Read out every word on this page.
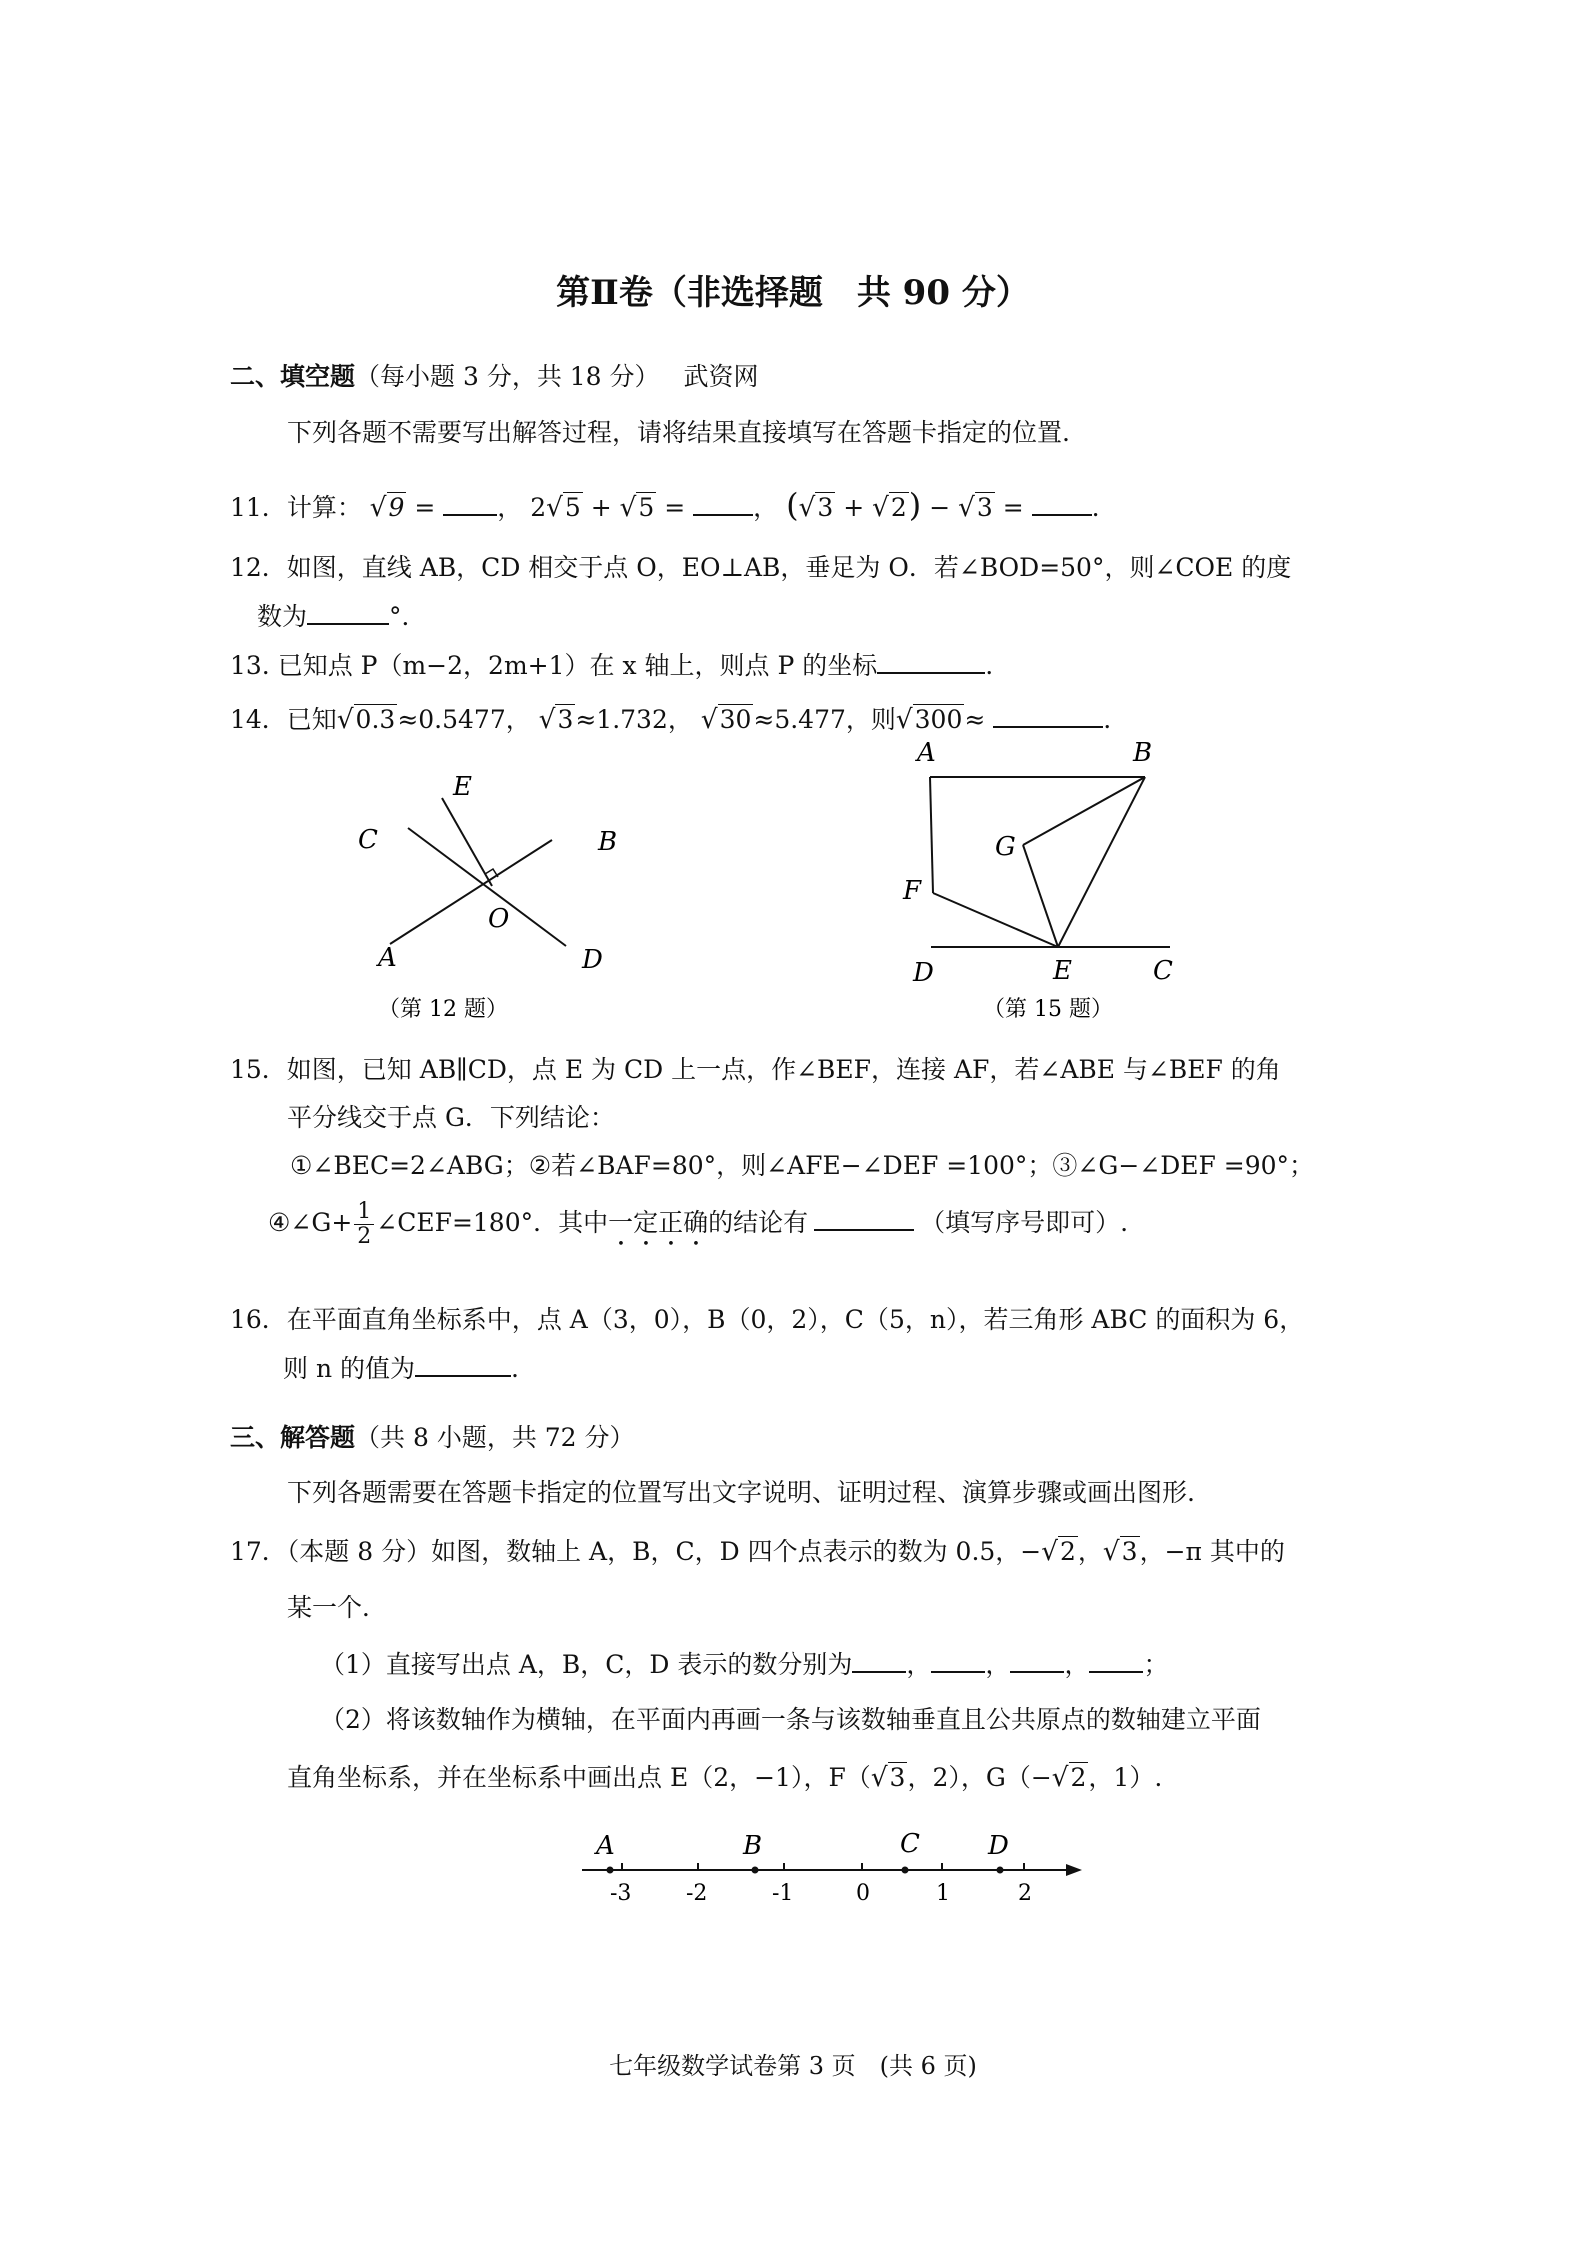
第Ⅱ卷（非选择题　共 90 分）
二、填空题（每小题 3 分，共 18 分） 武资网
下列各题不需要写出解答过程，请将结果直接填写在答题卡指定的位置.
11．计算： √9 = ， 2√5 + √5 =	， (√3 + √2) − √3 =	.
12．如图，直线 AB，CD 相交于点 O，EO⊥AB，垂足为 O．若∠BOD=50°，则∠COE 的度
数为	°．
13. 已知点 P（m−2，2m+1）在 x 轴上，则点 P 的坐标	.
14．已知√0.3≈0.5477， √3≈1.732， √30≈5.477，则√300≈	.
E
C	B
O
A	D
（第 12 题）
A	B
G
F
D	E	C
（第 15 题）
15．如图，已知 AB∥CD，点 E 为 CD 上一点，作∠BEF，连接 AF，若∠ABE 与∠BEF 的角
平分线交于点 G．下列结论：
①∠BEC=2∠ABG；②若∠BAF=80°，则∠AFE−∠DEF =100°；③∠G−∠DEF =90°；
④∠G+ $\frac{1}{2}$ ∠CEF=180°．其中一定正确的结论有	（填写序号即可）.
16．在平面直角坐标系中，点 A（3，0），B（0，2），C（5，n），若三角形 ABC 的面积为 6，
则 n 的值为	.
三、解答题（共 8 小题，共 72 分）
下列各题需要在答题卡指定的位置写出文字说明、证明过程、演算步骤或画出图形.
17．（本题 8 分）如图，数轴上 A，B，C，D 四个点表示的数为 0.5，−√2，√3，−π 其中的
某一个．
（1）直接写出点 A，B，C，D 表示的数分别为 ， ， ， ；
（2）将该数轴作为横轴，在平面内再画一条与该数轴垂直且公共原点的数轴建立平面
直角坐标系，并在坐标系中画出点 E（2，−1），F（√3，2），G（−√2，1）.
A	B	C	D
-3 -2	-1	0	1	2
七年级数学试卷第 3 页　(共 6 页)
